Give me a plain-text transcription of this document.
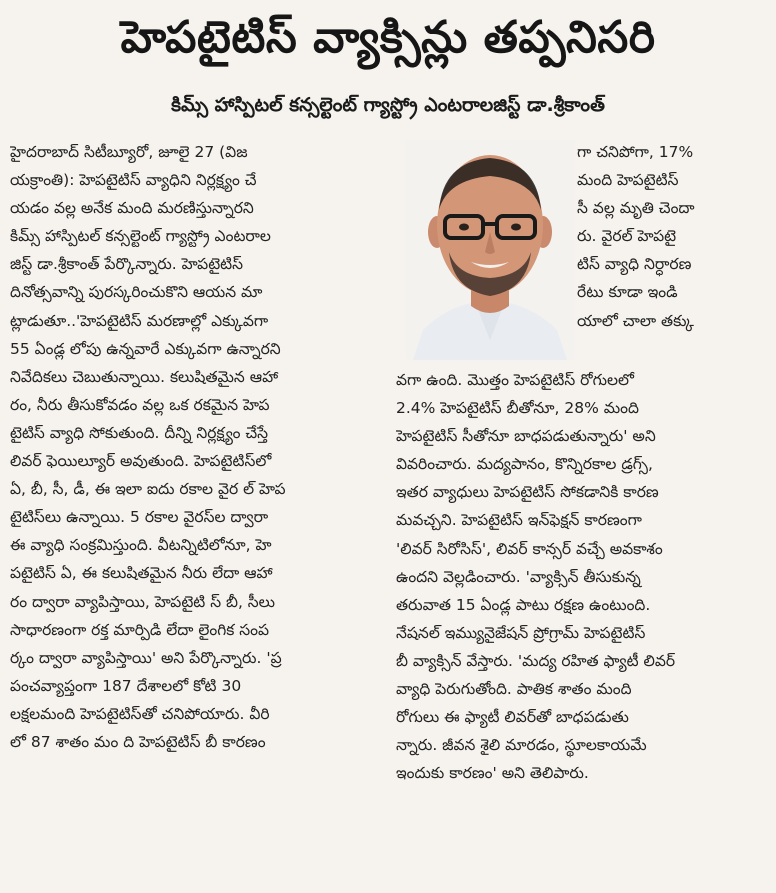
హెపటైటిస్ వ్యాక్సిన్లు తప్పనిసరి
కిమ్స్ హాస్పిటల్ కన్సల్టెంట్ గ్యాస్ట్రో ఎంటరాలజిస్ట్ డా.శ్రీకాంత్
హైదరాబాద్ సిటీబ్యూరో, జూలై 27 (విజ
యక్రాంతి): హెపటైటిస్ వ్యాధిని నిర్లక్ష్యం చే
యడం వల్ల అనేక మంది మరణిస్తున్నారని
కిమ్స్ హాస్పిటల్ కన్సల్టెంట్ గ్యాస్ట్రో ఎంటరాల
జిస్ట్ డా.శ్రీకాంత్ పేర్కొన్నారు. హెపటైటిస్
దినోత్సవాన్ని పురస్కరించుకొని ఆయన మా
ట్లాడుతూ..'హెపటైటిస్ మరణాల్లో ఎక్కువగా
55 ఏండ్ల లోపు ఉన్నవారే ఎక్కువగా ఉన్నారని
నివేదికలు చెబుతున్నాయి. కలుషితమైన ఆహా
రం, నీరు తీసుకోవడం వల్ల ఒక రకమైన హెప
టైటిస్ వ్యాధి సోకుతుంది. దీన్ని నిర్లక్ష్యం చేస్తే
లివర్ ఫెయిల్యూర్ అవుతుంది. హెపటైటిస్‌లో
ఏ, బీ, సీ, డీ, ఈ ఇలా ఐదు రకాల వైర ల్ హెప
టైటిస్‌లు ఉన్నాయి. 5 రకాల వైరస్‌ల ద్వారా
ఈ వ్యాధి సంక్రమిస్తుంది. వీటన్నిటిలోనూ, హె
పటైటిస్ ఏ, ఈ కలుషితమైన నీరు లేదా ఆహా
రం ద్వారా వ్యాపిస్తాయి, హెపటైటి స్ బీ, సీలు
సాధారణంగా రక్త మార్పిడి లేదా లైంగిక సంప
ర్కం ద్వారా వ్యాపిస్తాయి' అని పేర్కొన్నారు. 'ప్ర
పంచవ్యాప్తంగా 187 దేశాలలో కోటి 30
లక్షలమంది హెపటైటిస్‌తో చనిపోయారు. వీరి
లో 87 శాతం మం ది హెపటైటిస్ బీ కారణం
గా చనిపోగా, 17%
మంది హెపటైటిస్
సీ వల్ల మృతి చెందా
రు. వైరల్ హెపటై
టిస్ వ్యాధి నిర్ధారణ
రేటు కూడా ఇండి
యాలో చాలా తక్కు
వగా ఉంది. మొత్తం హెపటైటిస్ రోగులలో
2.4% హెపటైటిస్ బీతోనూ, 28% మంది
హెపటైటిస్ సీతోనూ బాధపడుతున్నారు' అని
వివరించారు. మద్యపానం, కొన్నిరకాల డ్రగ్స్,
ఇతర వ్యాధులు హెపటైటిస్ సోకడానికి కారణ
మవచ్చని. హెపటైటిస్ ఇన్‌ఫెక్షన్ కారణంగా
'లివర్ సిరోసిస్', లివర్ కాన్సర్ వచ్చే అవకాశం
ఉందని వెల్లడించారు. 'వ్యాక్సిన్ తీసుకున్న
తరువాత 15 ఏండ్ల పాటు రక్షణ ఉంటుంది.
నేషనల్ ఇమ్యునైజేషన్ ప్రోగ్రామ్ హెపటైటిస్
బీ వ్యాక్సిన్ వేస్తారు. 'మద్య రహిత ఫ్యాటీ లివర్
వ్యాధి పెరుగుతోంది. పాతిక శాతం మంది
రోగులు ఈ ఫ్యాటీ లివర్‌తో బాధపడుతు
న్నారు. జీవన శైలి మారడం, స్థూలకాయమే
ఇందుకు కారణం' అని తెలిపారు.
